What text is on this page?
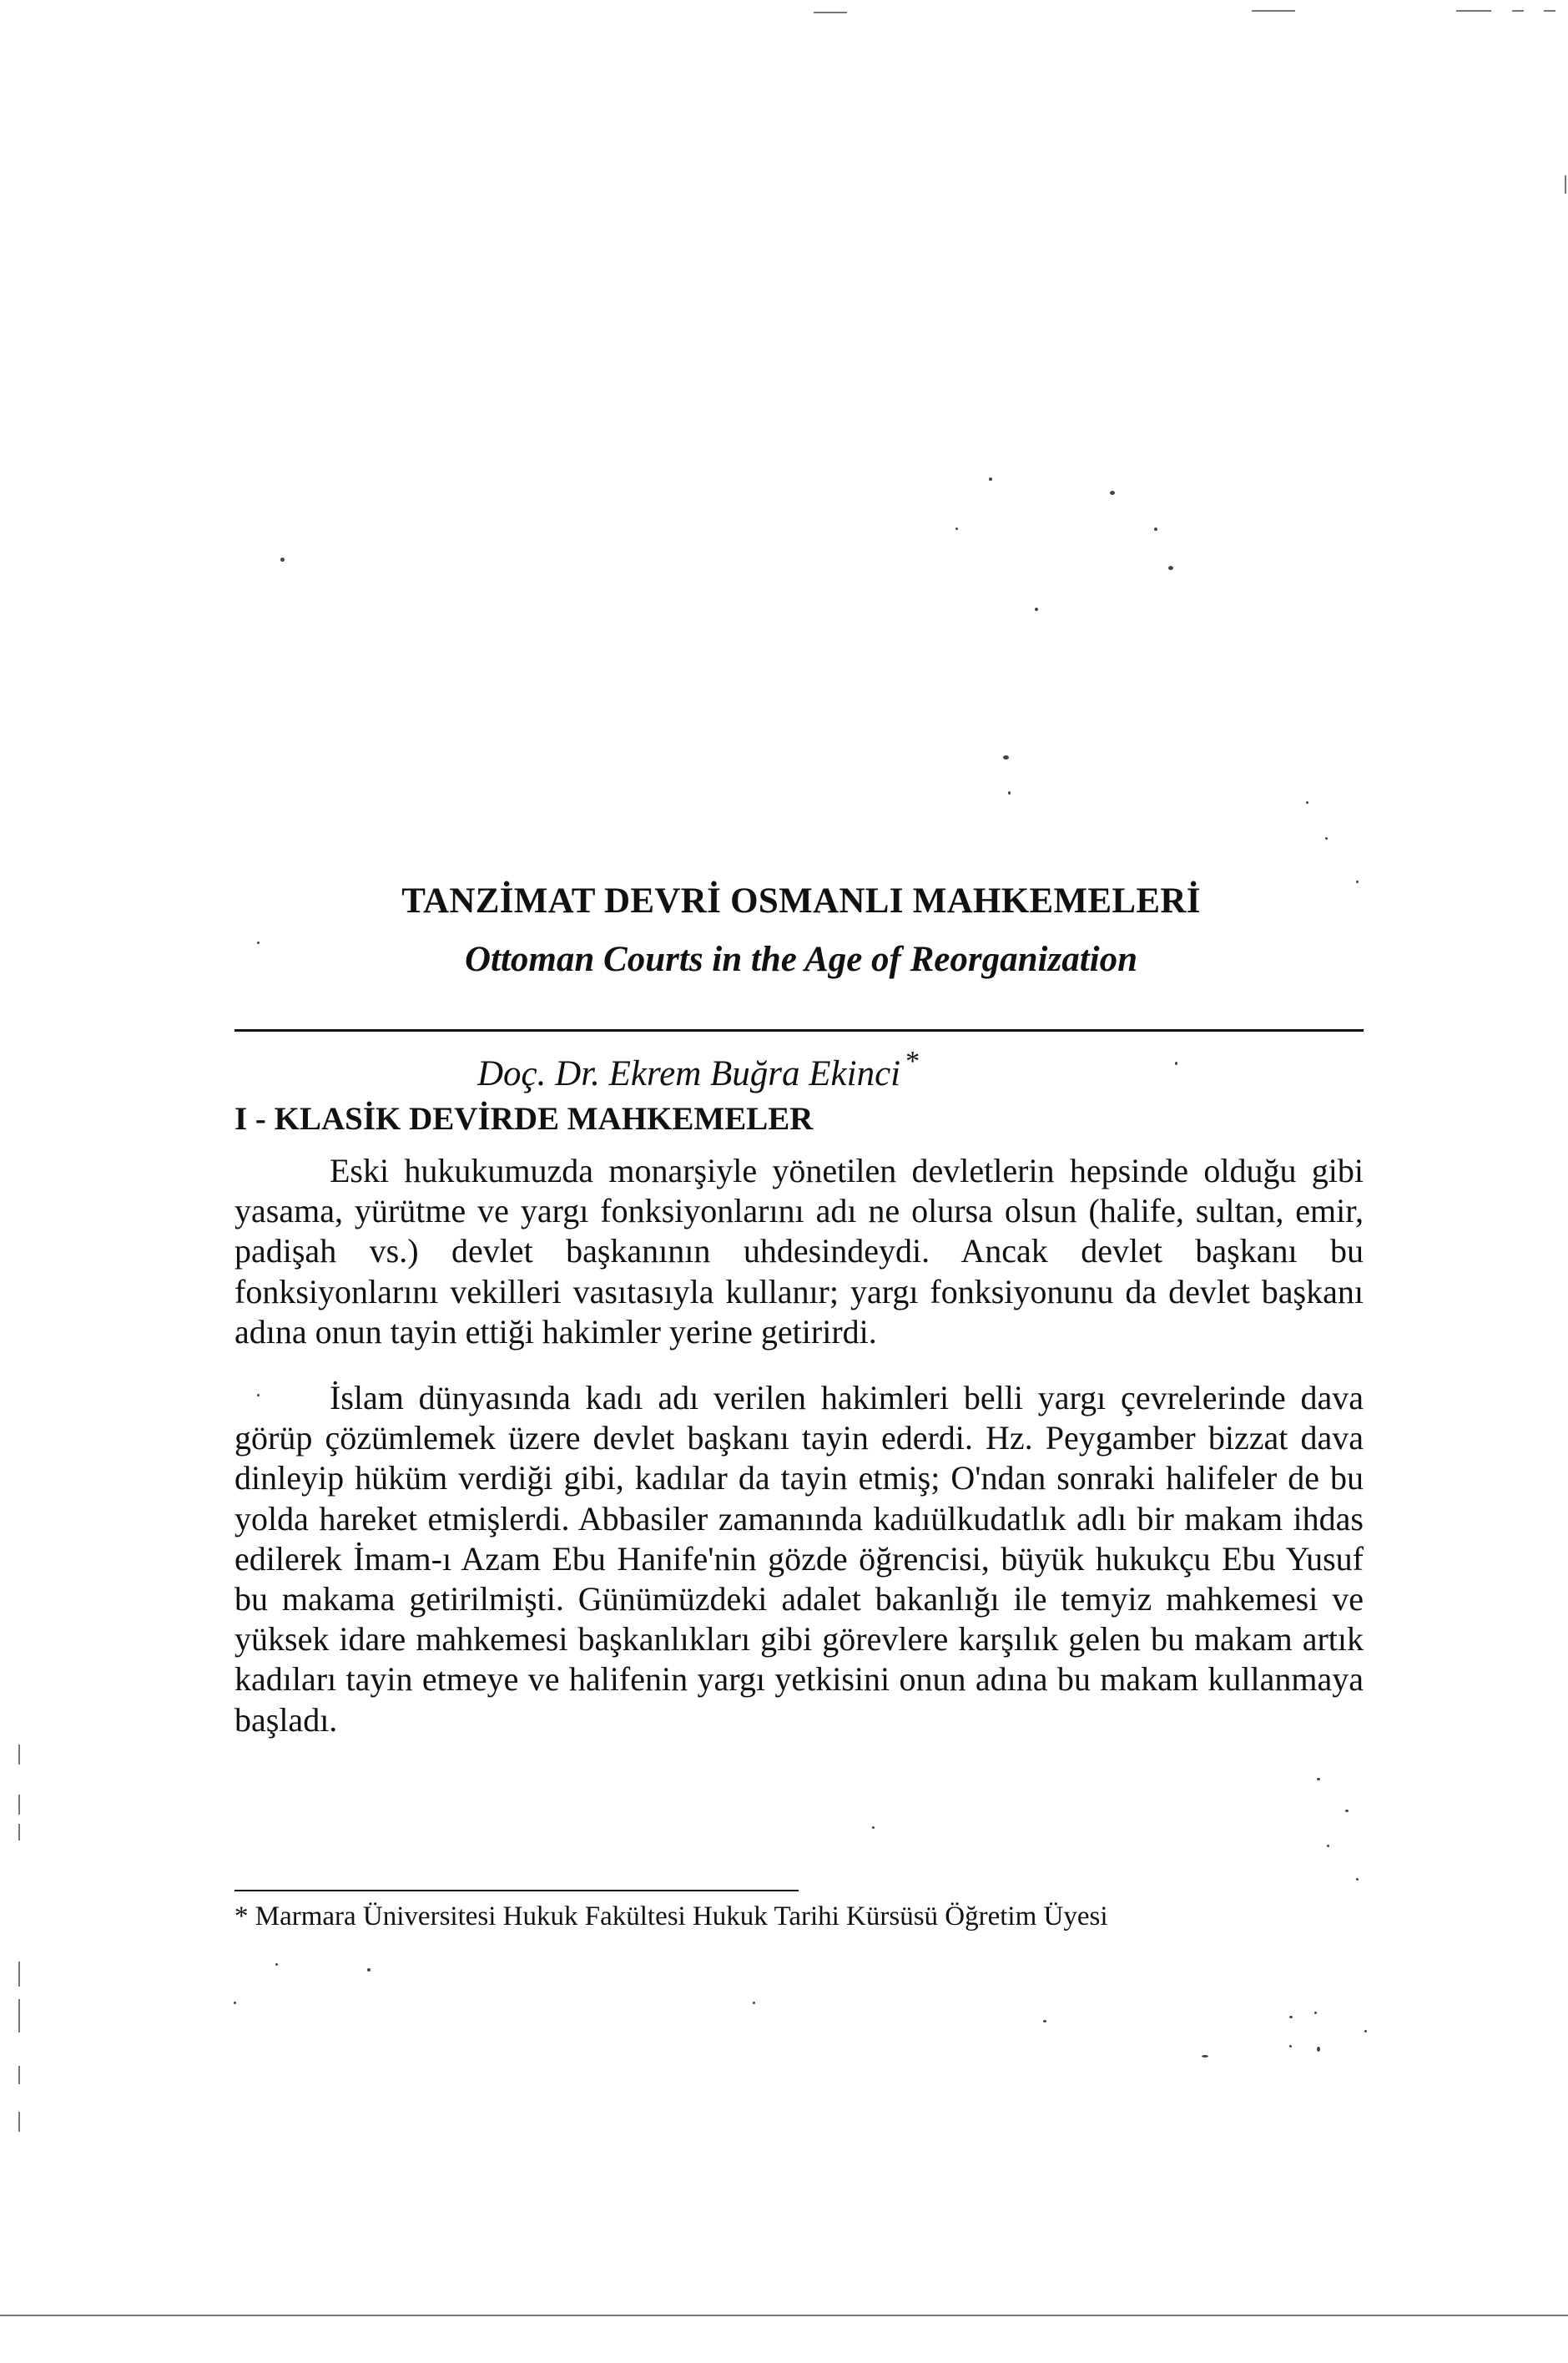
TANZİMAT DEVRİ OSMANLI MAHKEMELERİ
Ottoman Courts in the Age of Reorganization

Doç. Dr. Ekrem Buğra Ekinci *

I - KLASİK DEVİRDE MAHKEMELER

Eski hukukumuzda monarşiyle yönetilen devletlerin hepsinde olduğu gibi yasama, yürütme ve yargı fonksiyonlarını adı ne olursa olsun (halife, sultan, emir, padişah vs.) devlet başkanının uhdesindeydi. Ancak devlet başkanı bu fonksiyonlarını vekilleri vasıtasıyla kullanır; yargı fonksiyonunu da devlet başkanı adına onun tayin ettiği hakimler yerine getirirdi.

İslam dünyasında kadı adı verilen hakimleri belli yargı çevrelerinde dava görüp çözümlemek üzere devlet başkanı tayin ederdi. Hz. Peygamber bizzat dava dinleyip hüküm verdiği gibi, kadılar da tayin etmiş; O'ndan sonraki halifeler de bu yolda hareket etmişlerdi. Abbasiler zamanında kadıülkudatlık adlı bir makam ihdas edilerek İmam-ı Azam Ebu Hanife'nin gözde öğrencisi, büyük hukukçu Ebu Yusuf bu makama getirilmişti. Günümüzdeki adalet bakanlığı ile temyiz mahkemesi ve yüksek idare mahkemesi başkanlıkları gibi görevlere karşılık gelen bu makam artık kadıları tayin etmeye ve halifenin yargı yetkisini onun adına bu makam kullanmaya başladı.

* Marmara Üniversitesi Hukuk Fakültesi Hukuk Tarihi Kürsüsü Öğretim Üyesi
